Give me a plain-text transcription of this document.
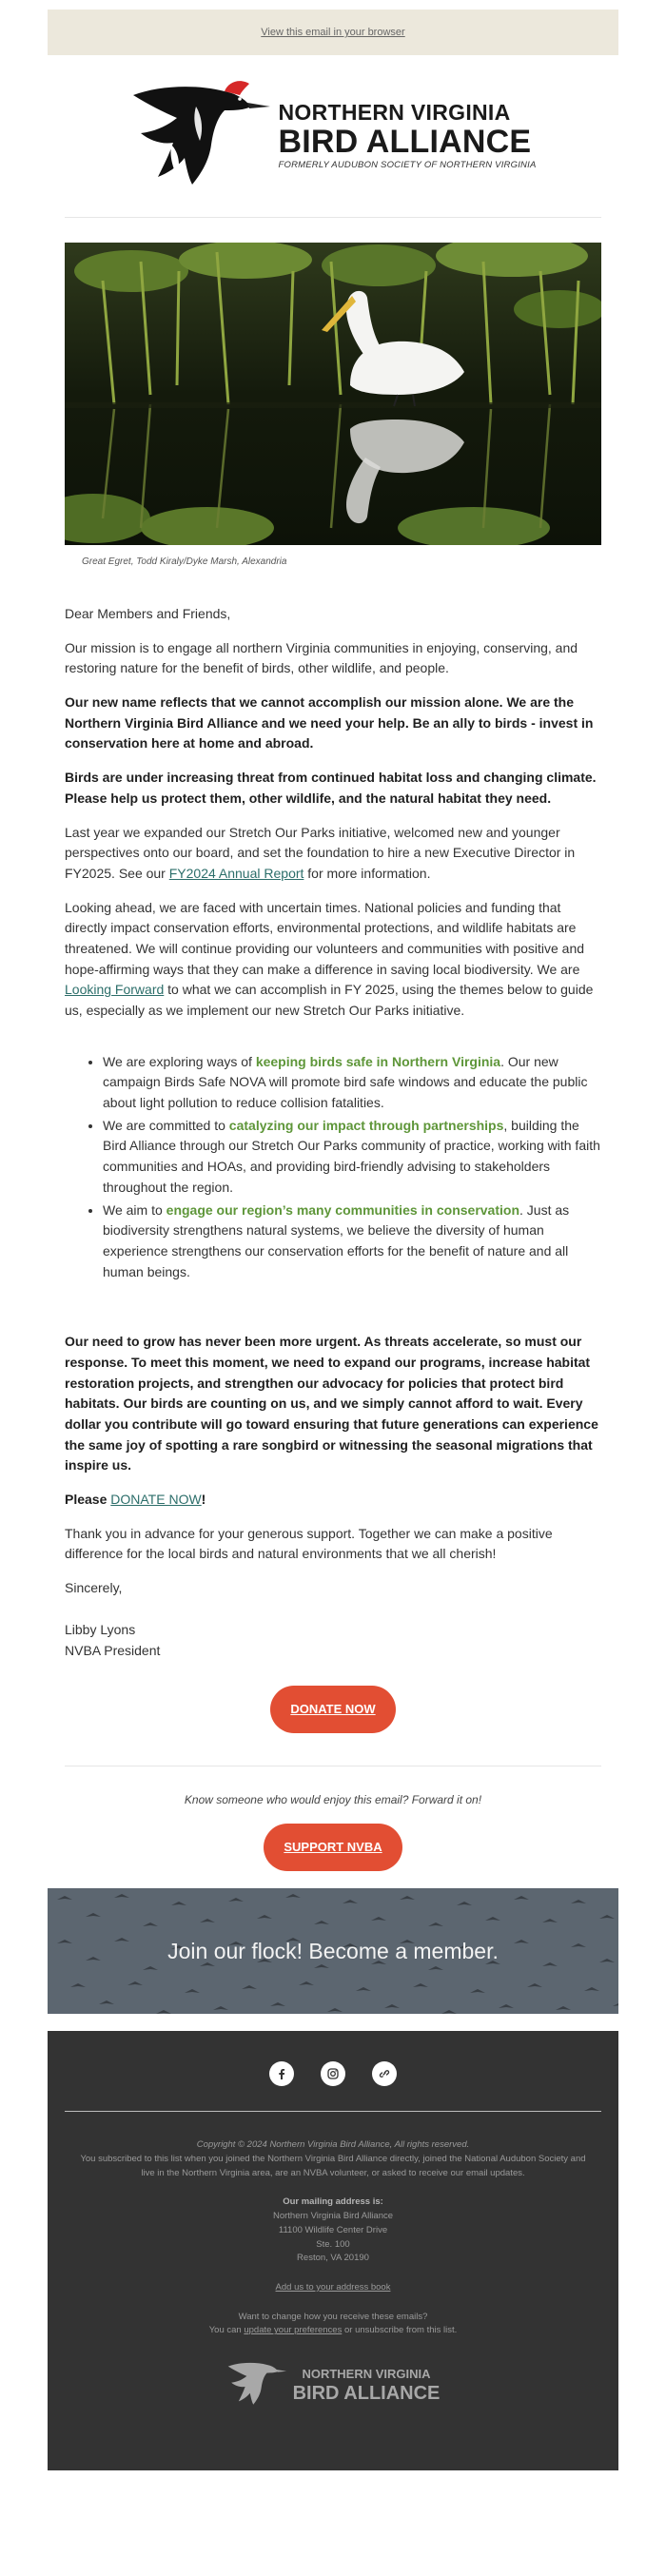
View this email in your browser
NORTHERN VIRGINIA
BIRD ALLIANCE
FORMERLY AUDUBON SOCIETY OF NORTHERN VIRGINIA
Great Egret, Todd Kiraly/Dyke Marsh, Alexandria

Dear Members and Friends,

Our mission is to engage all northern Virginia communities in enjoying, conserving, and restoring nature for the benefit of birds, other wildlife, and people.

Our new name reflects that we cannot accomplish our mission alone. We are the Northern Virginia Bird Alliance and we need your help. Be an ally to birds - invest in conservation here at home and abroad.

Birds are under increasing threat from continued habitat loss and changing climate. Please help us protect them, other wildlife, and the natural habitat they need.

Last year we expanded our Stretch Our Parks initiative, welcomed new and younger perspectives onto our board, and set the foundation to hire a new Executive Director in FY2025. See our FY2024 Annual Report for more information.

Looking ahead, we are faced with uncertain times. National policies and funding that directly impact conservation efforts, environmental protections, and wildlife habitats are threatened. We will continue providing our volunteers and communities with positive and hope-affirming ways that they can make a difference in saving local biodiversity. We are Looking Forward to what we can accomplish in FY 2025, using the themes below to guide us, especially as we implement our new Stretch Our Parks initiative.

• We are exploring ways of keeping birds safe in Northern Virginia. Our new campaign Birds Safe NOVA will promote bird safe windows and educate the public about light pollution to reduce collision fatalities.
• We are committed to catalyzing our impact through partnerships, building the Bird Alliance through our Stretch Our Parks community of practice, working with faith communities and HOAs, and providing bird-friendly advising to stakeholders throughout the region.
• We aim to engage our region’s many communities in conservation. Just as biodiversity strengthens natural systems, we believe the diversity of human experience strengthens our conservation efforts for the benefit of nature and all human beings.

Our need to grow has never been more urgent. As threats accelerate, so must our response. To meet this moment, we need to expand our programs, increase habitat restoration projects, and strengthen our advocacy for policies that protect bird habitats. Our birds are counting on us, and we simply cannot afford to wait. Every dollar you contribute will go toward ensuring that future generations can experience the same joy of spotting a rare songbird or witnessing the seasonal migrations that inspire us.

Please DONATE NOW!

Thank you in advance for your generous support. Together we can make a positive difference for the local birds and natural environments that we all cherish!

Sincerely,

Libby Lyons
NVBA President
DONATE NOW
Know someone who would enjoy this email? Forward it on!
SUPPORT NVBA
Join our flock! Become a member.
Copyright © 2024 Northern Virginia Bird Alliance, All rights reserved.
You subscribed to this list when you joined the Northern Virginia Bird Alliance directly, joined the National Audubon Society and live in the Northern Virginia area, are an NVBA volunteer, or asked to receive our email updates.
Our mailing address is:
Northern Virginia Bird Alliance
11100 Wildlife Center Drive
Ste. 100
Reston, VA 20190
Add us to your address book
Want to change how you receive these emails?
You can update your preferences or unsubscribe from this list.
NORTHERN VIRGINIA
BIRD ALLIANCE
